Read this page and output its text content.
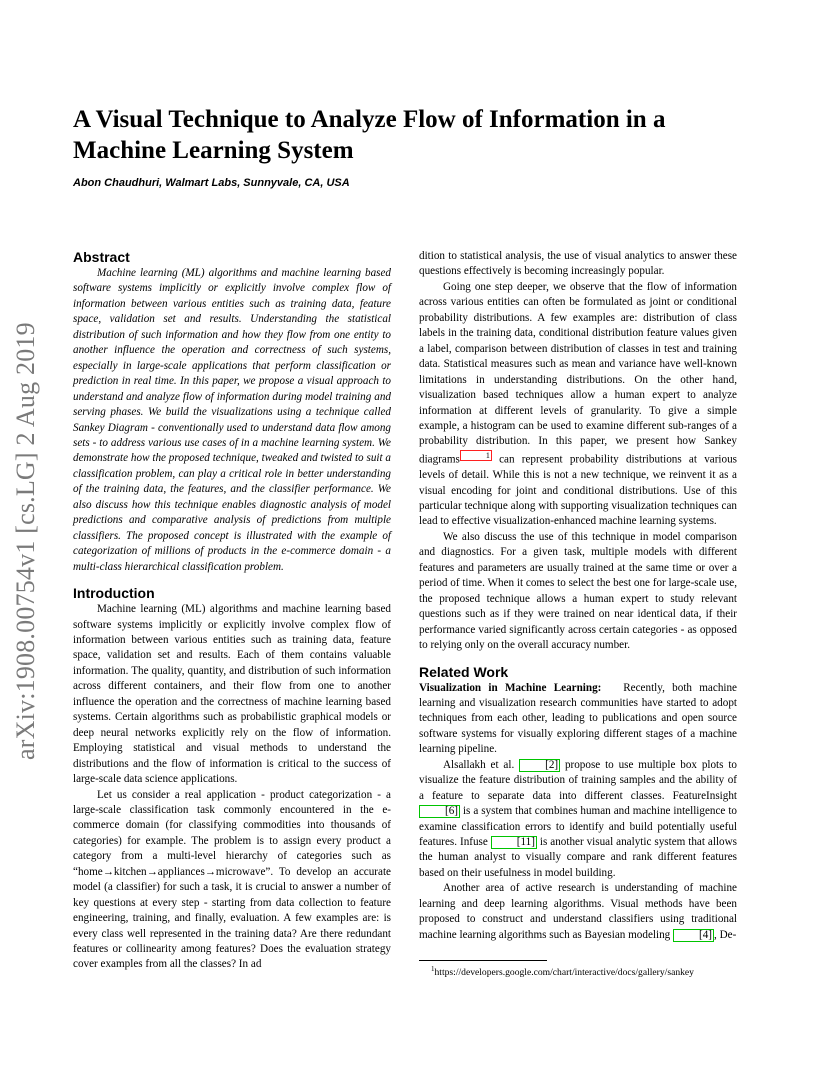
arXiv:1908.00754v1 [cs.LG] 2 Aug 2019
A Visual Technique to Analyze Flow of Information in a Machine Learning System
Abon Chaudhuri, Walmart Labs, Sunnyvale, CA, USA
Abstract

Machine learning (ML) algorithms and machine learning based software systems implicitly or explicitly involve complex flow of information between various entities such as training data, feature space, validation set and results. Understanding the statistical distribution of such information and how they flow from one entity to another influence the operation and correctness of such systems, especially in large-scale applications that perform classification or prediction in real time. In this paper, we propose a visual approach to understand and analyze flow of information during model training and serving phases. We build the visualizations using a technique called Sankey Diagram - conventionally used to understand data flow among sets - to address various use cases of in a machine learning system. We demonstrate how the proposed technique, tweaked and twisted to suit a classification problem, can play a critical role in better understanding of the training data, the features, and the classifier performance. We also discuss how this technique enables diagnostic analysis of model predictions and comparative analysis of predictions from multiple classifiers. The proposed concept is illustrated with the example of categorization of millions of products in the e-commerce domain - a multi-class hierarchical classification problem.

Introduction

Machine learning (ML) algorithms and machine learning based software systems implicitly or explicitly involve complex flow of information between various entities such as training data, feature space, validation set and results. Each of them contains valuable information. The quality, quantity, and distribution of such information across different containers, and their flow from one to another influence the operation and the correctness of machine learning based systems. Certain algorithms such as probabilistic graphical models or deep neural networks explicitly rely on the flow of information. Employing statistical and visual methods to understand the distributions and the flow of information is critical to the success of large-scale data science applications.

Let us consider a real application - product categorization - a large-scale classification task commonly encountered in the e-commerce domain (for classifying commodities into thousands of categories) for example. The problem is to assign every product a category from a multi-level hierarchy of categories such as “home→kitchen→appliances→microwave”. To develop an accurate model (a classifier) for such a task, it is crucial to answer a number of key questions at every step - starting from data collection to feature engineering, training, and finally, evaluation. A few examples are: is every class well represented in the training data? Are there redundant features or collinearity among features? Does the evaluation strategy cover examples from all the classes? In ad

dition to statistical analysis, the use of visual analytics to answer these questions effectively is becoming increasingly popular.

Going one step deeper, we observe that the flow of information across various entities can often be formulated as joint or conditional probability distributions. A few examples are: distribution of class labels in the training data, conditional distribution feature values given a label, comparison between distribution of classes in test and training data. Statistical measures such as mean and variance have well-known limitations in understanding distributions. On the other hand, visualization based techniques allow a human expert to analyze information at different levels of granularity. To give a simple example, a histogram can be used to examine different sub-ranges of a probability distribution. In this paper, we present how Sankey diagrams	1 can represent probability distributions at various levels of detail. While this is not a new technique, we reinvent it as a visual encoding for joint and conditional distributions. Use of this particular technique along with supporting visualization techniques can lead to effective visualization-enhanced machine learning systems.

We also discuss the use of this technique in model comparison and diagnostics. For a given task, multiple models with different features and parameters are usually trained at the same time or over a period of time. When it comes to select the best one for large-scale use, the proposed technique allows a human expert to study relevant questions such as if they were trained on near identical data, if their performance varied significantly across certain categories - as opposed to relying only on the overall accuracy number.

Related Work

Visualization in Machine Learning: Recently, both machine learning and visualization research communities have started to adopt techniques from each other, leading to publications and open source software systems for visually exploring different stages of a machine learning pipeline.

Alsallakh et al. [2] propose to use multiple box plots to visualize the feature distribution of training samples and the ability of a feature to separate data into different classes. FeatureInsight [6] is a system that combines human and machine intelligence to examine classification errors to identify and build potentially useful features. Infuse [11] is another visual analytic system that allows the human analyst to visually compare and rank different features based on their usefulness in model building.

Another area of active research is understanding of machine learning and deep learning algorithms. Visual methods have been proposed to construct and understand classifiers using traditional machine learning algorithms such as Bayesian modeling [4] , De-

$^1$https://developers.google.com/chart/interactive/docs/gallery/sankey
